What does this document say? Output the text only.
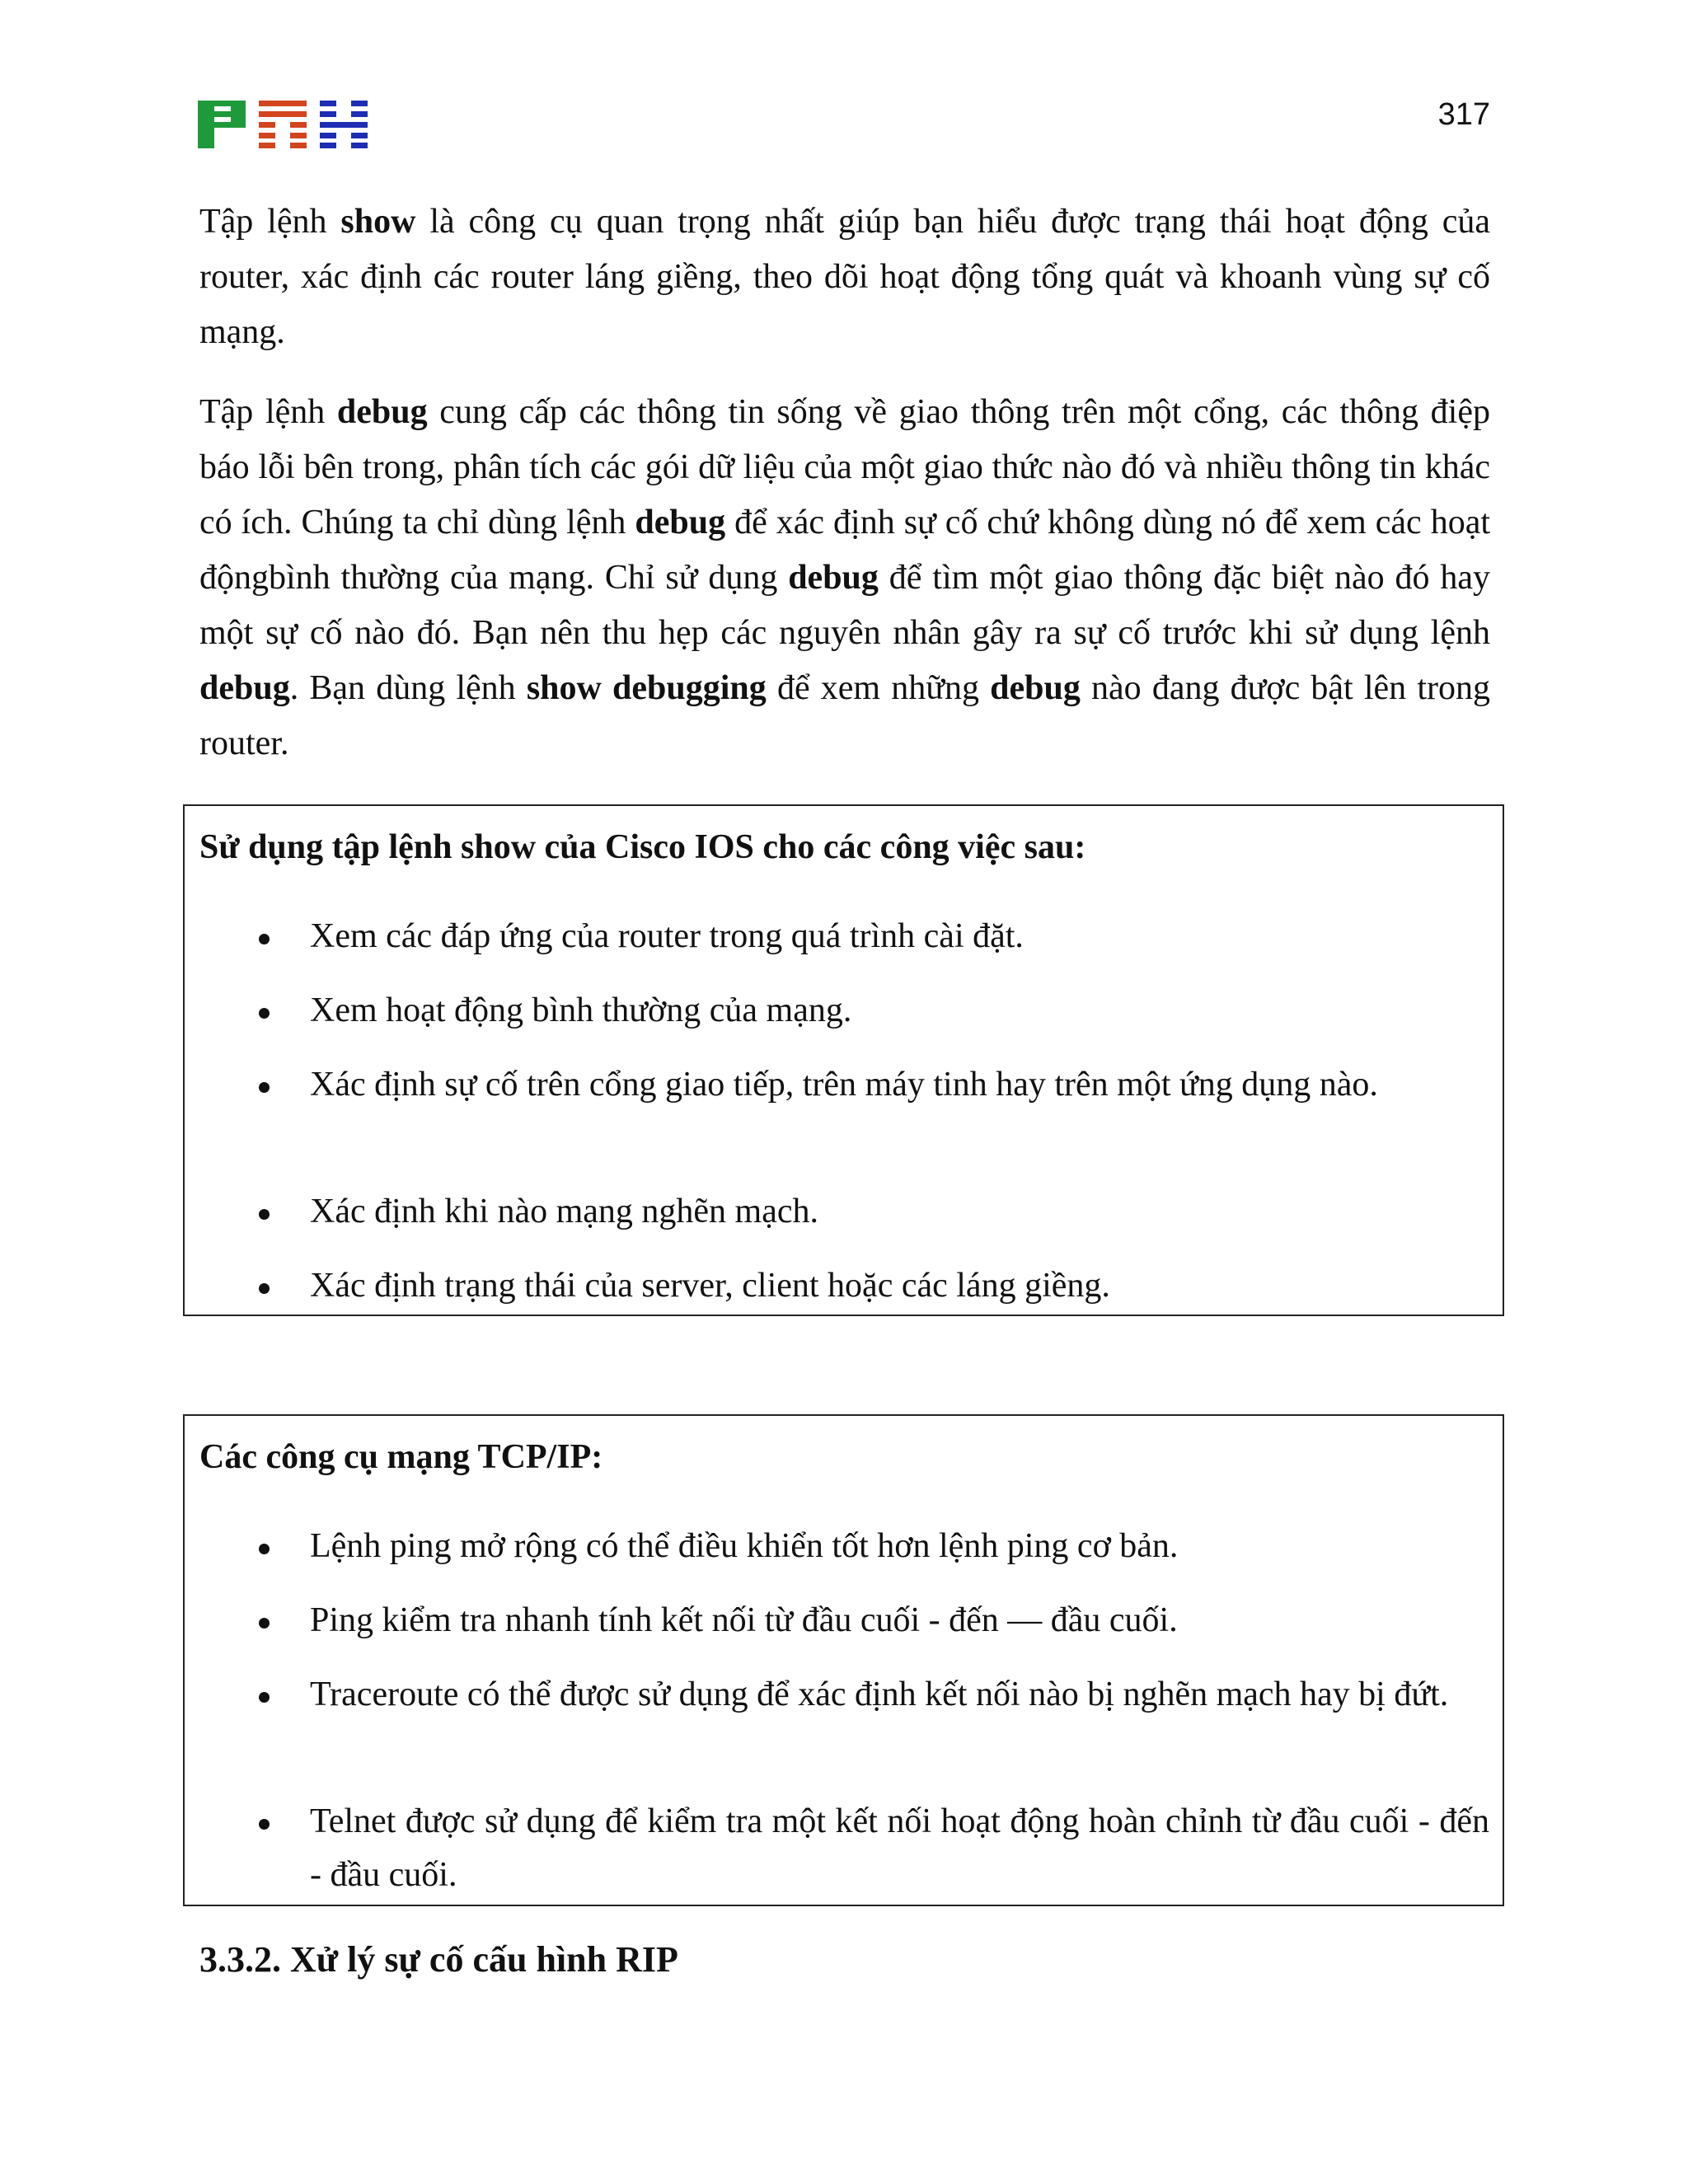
317

Tập lệnh show là công cụ quan trọng nhất giúp bạn hiểu được trạng thái hoạt động của router, xác định các router láng giềng, theo dõi hoạt động tổng quát và khoanh vùng sự cố mạng.

Tập lệnh debug cung cấp các thông tin sống về giao thông trên một cổng, các thông điệp báo lỗi bên trong, phân tích các gói dữ liệu của một giao thức nào đó và nhiều thông tin khác có ích. Chúng ta chỉ dùng lệnh debug để xác định sự cố chứ không dùng nó để xem các hoạt độngbình thường của mạng. Chỉ sử dụng debug để tìm một giao thông đặc biệt nào đó hay một sự cố nào đó. Bạn nên thu hẹp các nguyên nhân gây ra sự cố trước khi sử dụng lệnh debug. Bạn dùng lệnh show debugging để xem những debug nào đang được bật lên trong router.

Sử dụng tập lệnh show của Cisco IOS cho các công việc sau:

Xem các đáp ứng của router trong quá trình cài đặt.
Xem hoạt động bình thường của mạng.
Xác định sự cố trên cổng giao tiếp, trên máy tinh hay trên một ứng dụng nào.
Xác định khi nào mạng nghẽn mạch.
Xác định trạng thái của server, client hoặc các láng giềng.

Các công cụ mạng TCP/IP:

Lệnh ping mở rộng có thể điều khiển tốt hơn lệnh ping cơ bản.
Ping kiểm tra nhanh tính kết nối từ đầu cuối - đến — đầu cuối.
Traceroute có thể được sử dụng để xác định kết nối nào bị nghẽn mạch hay bị đứt.
Telnet được sử dụng để kiểm tra một kết nối hoạt động hoàn chỉnh từ đầu cuối - đến - đầu cuối.
3.3.2. Xử lý sự cố cấu hình RIP
